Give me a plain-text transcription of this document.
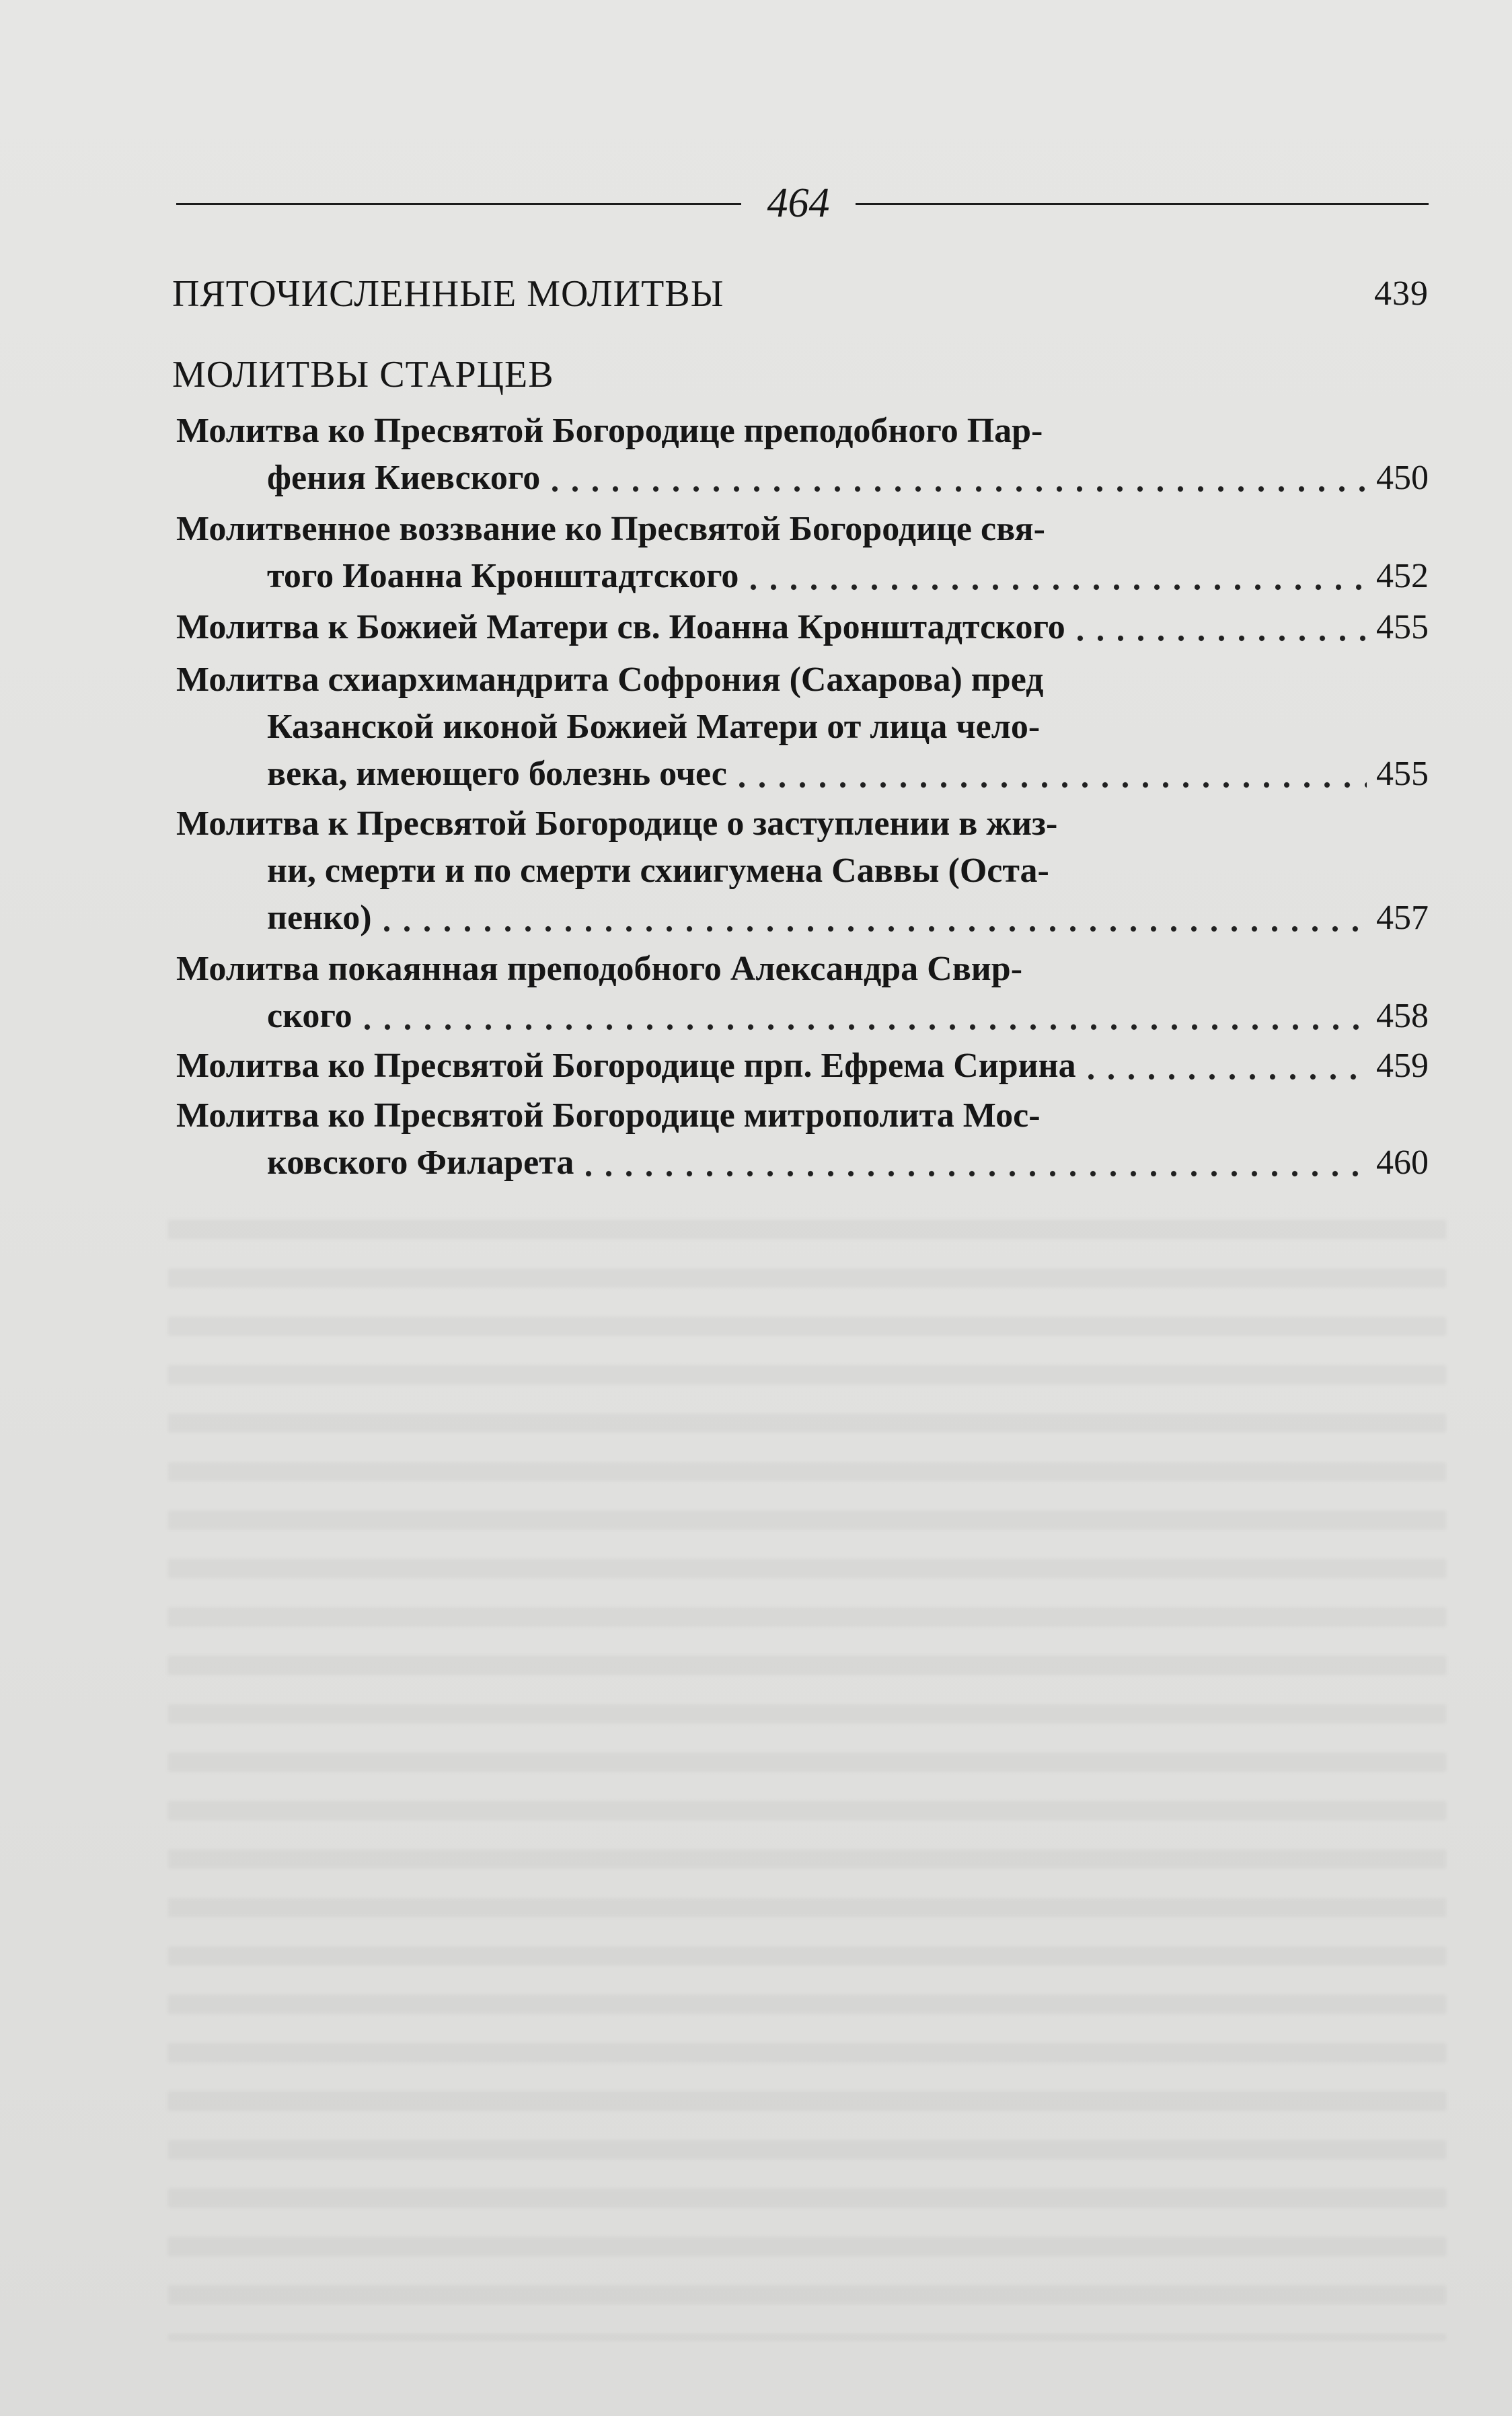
464
ПЯТОЧИСЛЕННЫЕ МОЛИТВЫ	439
МОЛИТВЫ СТАРЦЕВ
Молитва ко Пресвятой Богородице преподобного Пар-
фения Киевского	450
Молитвенное воззвание ко Пресвятой Богородице свя-
того Иоанна Кронштадтского	452
Молитва к Божией Матери св. Иоанна Кронштадтского	455
Молитва схиархимандрита Софрония (Сахарова) пред
Казанской иконой Божией Матери от лица чело-
века, имеющего болезнь очес	455
Молитва к Пресвятой Богородице о заступлении в жиз-
ни, смерти и по смерти схиигумена Саввы (Оста-
пенко)	457
Молитва покаянная преподобного Александра Свир-
ского	458
Молитва ко Пресвятой Богородице прп. Ефрема Сирина	459
Молитва ко Пресвятой Богородице митрополита Мос-
ковского Филарета	460
